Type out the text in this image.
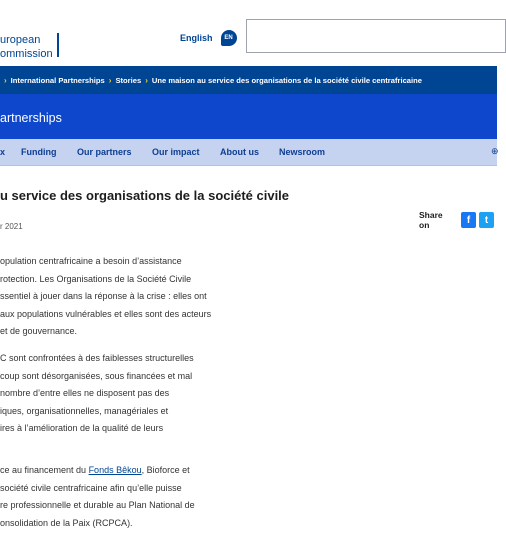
uropean
ommission
English	EN
› International Partnerships › Stories › Une maison au service des organisations de la société civile centrafricaine
artnerships
x Funding Our partners Our impact About us Newsroom	⊕
u service des organisations de la société civile
r 2021
Share on	f	t
opulation centrafricaine a besoin d’assistance
rotection. Les Organisations de la Société Civile
ssentiel à jouer dans la réponse à la crise : elles ont
aux populations vulnérables et elles sont des acteurs
et de gouvernance.
C sont confrontées à des faiblesses structurelles
coup sont désorganisées, sous financées et mal
nombre d’entre elles ne disposent pas des
iques, organisationnelles, managériales et
ires à l’amélioration de la qualité de leurs
ce au financement du Fonds Bêkou, Bioforce et
société civile centrafricaine afin qu’elle puisse
re professionnelle et durable au Plan National de
onsolidation de la Paix (RCPCA).
